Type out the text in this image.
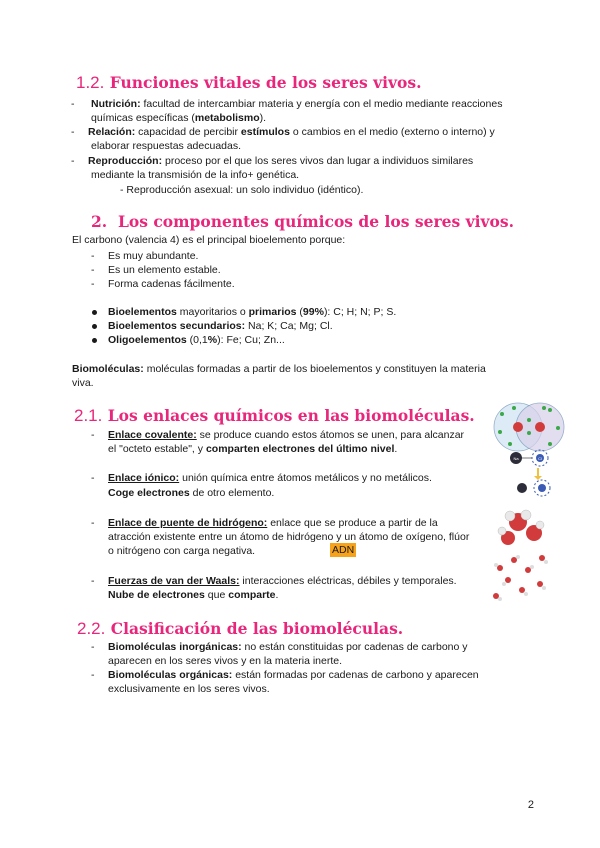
1.2. Funciones vitales de los seres vivos.
- Nutrición: facultad de intercambiar materia y energía con el medio mediante reacciones
químicas específicas (metabolismo).
- Relación: capacidad de percibir estímulos o cambios en el medio (externo o interno) y
elaborar respuestas adecuadas.
- Reproducción: proceso por el que los seres vivos dan lugar a individuos similares
mediante la transmisión de la info+ genética.
- Reproducción asexual: un solo individuo (idéntico).
2. Los componentes químicos de los seres vivos.
El carbono (valencia 4) es el principal bioelemento porque:
- Es muy abundante.
- Es un elemento estable.
- Forma cadenas fácilmente.
Bioelementos mayoritarios o primarios (99%): C; H; N; P; S.
Bioelementos secundarios: Na; K; Ca; Mg; Cl.
Oligoelementos (0,1%): Fe; Cu; Zn...
Biomoléculas: moléculas formadas a partir de los bioelementos y constituyen la materia
viva.
2.1. Los enlaces químicos en las biomoléculas.
- Enlace covalente: se produce cuando estos átomos se unen, para alcanzar
el "octeto estable", y comparten electrones del último nivel.
- Enlace iónico: unión química entre átomos metálicos y no metálicos.
Coge electrones de otro elemento.
- Enlace de puente de hidrógeno: enlace que se produce a partir de la
atracción existente entre un átomo de hidrógeno y un átomo de oxígeno, flúor
o nitrógeno con carga negativa.	ADN
- Fuerzas de van der Waals: interacciones eléctricas, débiles y temporales.
Nube de electrones que comparte.
2.2. Clasificación de las biomoléculas.
- Biomoléculas inorgánicas: no están constituidas por cadenas de carbono y
aparecen en los seres vivos y en la materia inerte.
- Biomoléculas orgánicas: están formadas por cadenas de carbono y aparecen
exclusivamente en los seres vivos.
Na	Cl
2
